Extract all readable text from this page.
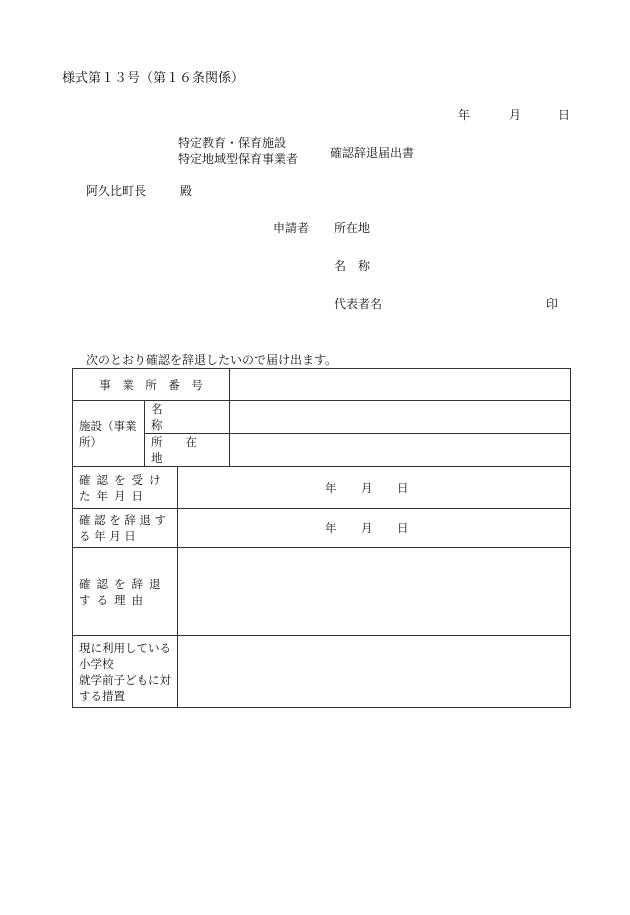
様式第１３号（第１６条関係）
年	月	日
特定教育・保育施設
特定地域型保育事業者	確認辞退届出書
阿久比町長	殿
申請者 所在地
名　称
代表者名	印
次のとおり確認を辞退したいので届け出ます。
事　業　所　番　号			
施設（事業所）	名　　　　　称		
	所　　在　　地		
確認を受けた年月日		年 月 日	

確認を辞退する年月日		年 月 日	

確認を辞退する理由			

現に利用している小学校
就学前子どもに対する措置			
